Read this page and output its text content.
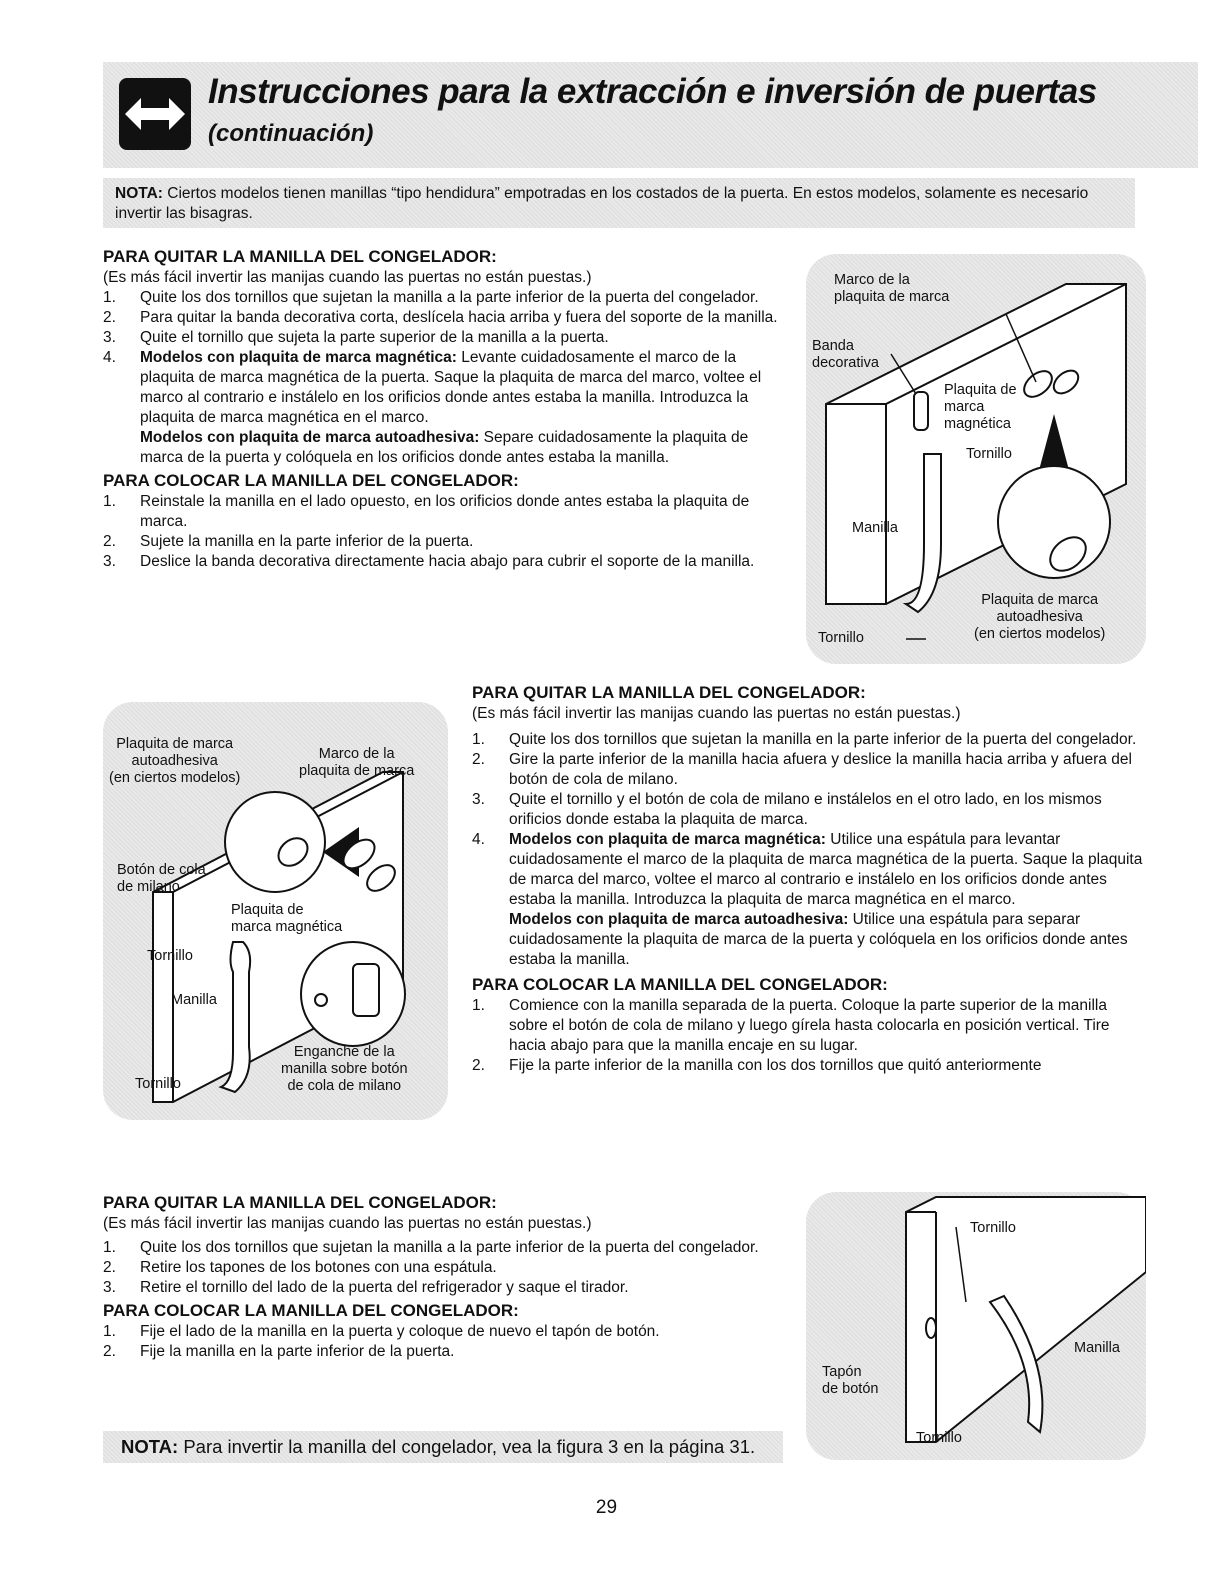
Instrucciones para la extracción e inversión de puertas
(continuación)
NOTA: Ciertos modelos tienen manillas “tipo hendidura” empotradas en los costados de la puerta. En estos modelos, solamente es necesario invertir las bisagras.

PARA QUITAR LA MANILLA DEL CONGELADOR:

(Es más fácil invertir las manijas cuando las puertas no están puestas.)

1. Quite los dos tornillos que sujetan la manilla a la parte inferior de la puerta del congelador.
2. Para quitar la banda decorativa corta, deslícela hacia arriba y fuera del soporte de la manilla.
3. Quite el tornillo que sujeta la parte superior de la manilla a la puerta.
4. Modelos con plaquita de marca magnética: Levante cuidadosamente el marco de la plaquita de marca magnética de la puerta. Saque la plaquita de marca del marco, voltee el marco al contrario e instálelo en los orificios donde antes estaba la manilla. Introduzca la plaquita de marca magnética en el marco.

Modelos con plaquita de marca autoadhesiva: Separe cuidadosamente la plaquita de marca de la puerta y colóquela en los orificios donde antes estaba la manilla.

PARA COLOCAR LA MANILLA DEL CONGELADOR:

1. Reinstale la manilla en el lado opuesto, en los orificios donde antes estaba la plaquita de marca.
2. Sujete la manilla en la parte inferior de la puerta.
3. Deslice la banda decorativa directamente hacia abajo para cubrir el soporte de la manilla.
Marco de la
plaquita de marca
Banda
decorativa
Plaquita de
marca
magnética
Tornillo
Manilla
Plaquita de marca
autoadhesiva
(en ciertos modelos)
Tornillo
Plaquita de marca
autoadhesiva
(en ciertos modelos)
Marco de la
plaquita de marca
Botón de cola
de milano
Plaquita de
marca magnética
Tornillo
Manilla
Enganche de la
manilla sobre botón
de cola de milano
Tornillo

PARA QUITAR LA MANILLA DEL CONGELADOR:

(Es más fácil invertir las manijas cuando las puertas no están puestas.)

1. Quite los dos tornillos que sujetan la manilla en la parte inferior de la puerta del congelador.
2. Gire la parte inferior de la manilla hacia afuera y deslice la manilla hacia arriba y afuera del botón de cola de milano.
3. Quite el tornillo y el botón de cola de milano e instálelos en el otro lado, en los mismos orificios donde estaba la plaquita de marca.
4. Modelos con plaquita de marca magnética: Utilice una espátula para levantar cuidadosamente el marco de la plaquita de marca magnética de la puerta. Saque la plaquita de marca del marco, voltee el marco al contrario e instálelo en los orificios donde antes estaba la manilla. Introduzca la plaquita de marca magnética en el marco.

Modelos con plaquita de marca autoadhesiva: Utilice una espátula para separar cuidadosamente la plaquita de marca de la puerta y colóquela en los orificios donde antes estaba la manilla.

PARA COLOCAR LA MANILLA DEL CONGELADOR:

1. Comience con la manilla separada de la puerta. Coloque la parte superior de la manilla sobre el botón de cola de milano y luego gírela hasta colocarla en posición vertical. Tire hacia abajo para que la manilla encaje en su lugar.
2. Fije la parte inferior de la manilla con los dos tornillos que quitó anteriormente

PARA QUITAR LA MANILLA DEL CONGELADOR:

(Es más fácil invertir las manijas cuando las puertas no están puestas.)

1. Quite los dos tornillos que sujetan la manilla a la parte inferior de la puerta del congelador.
2. Retire los tapones de los botones con una espátula.
3. Retire el tornillo del lado de la puerta del refrigerador y saque el tirador.

PARA COLOCAR LA MANILLA DEL CONGELADOR:

1. Fije el lado de la manilla en la puerta y coloque de nuevo el tapón de botón.
2. Fije la manilla en la parte inferior de la puerta.
Tornillo
Manilla
Tapón
de botón
Tornillo
NOTA: Para invertir la manilla del congelador, vea la figura 3 en la página 31.
29
